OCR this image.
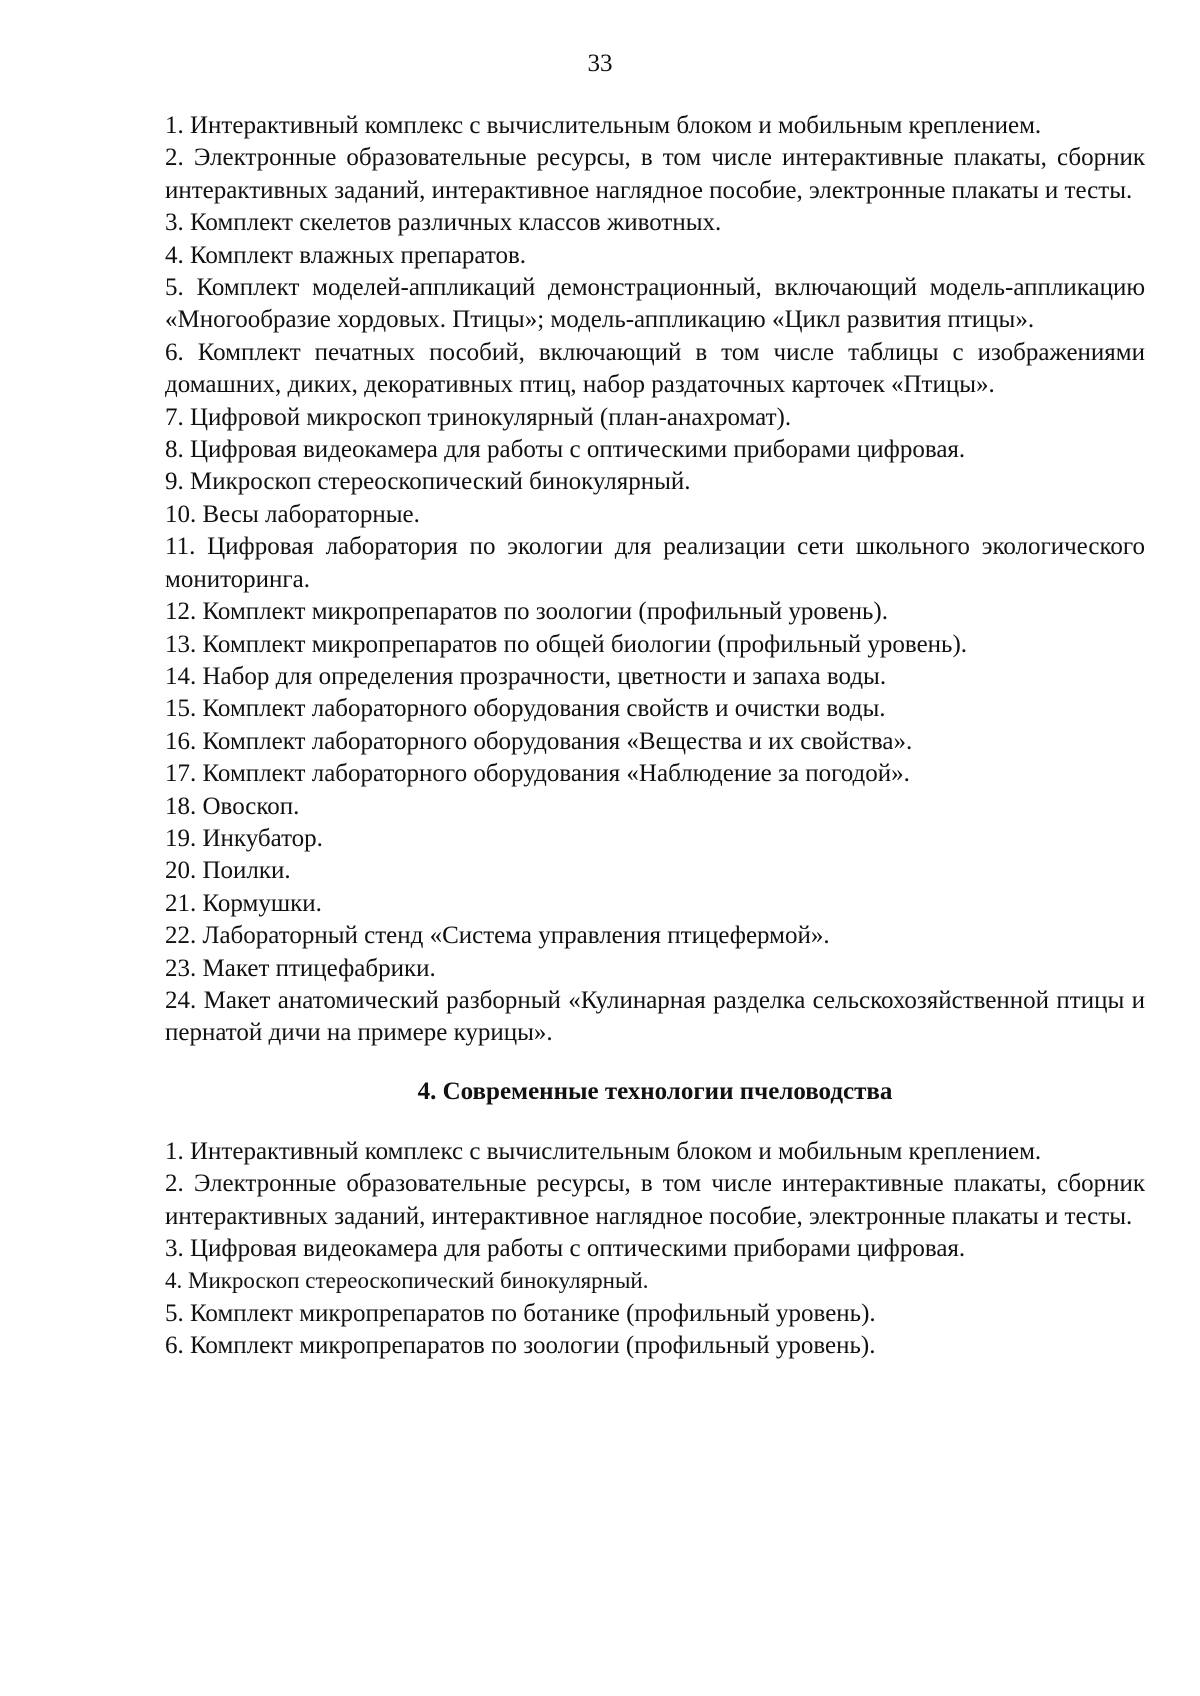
33

1. Интерактивный комплекс с вычислительным блоком и мобильным креплением.

2. Электронные образовательные ресурсы, в том числе интерактивные плакаты, сборник интерактивных заданий, интерактивное наглядное пособие, электронные плакаты и тесты.

3. Комплект скелетов различных классов животных.

4. Комплект влажных препаратов.

5. Комплект моделей-аппликаций демонстрационный, включающий модель-аппликацию «Многообразие хордовых. Птицы»; модель-аппликацию «Цикл развития птицы».

6. Комплект печатных пособий, включающий в том числе таблицы с изображениями домашних, диких, декоративных птиц, набор раздаточных карточек «Птицы».

7. Цифровой микроскоп тринокулярный (план-анахромат).

8. Цифровая видеокамера для работы с оптическими приборами цифровая.

9. Микроскоп стереоскопический бинокулярный.

10. Весы лабораторные.

11. Цифровая лаборатория по экологии для реализации сети школьного экологического мониторинга.

12. Комплект микропрепаратов по зоологии (профильный уровень).

13. Комплект микропрепаратов по общей биологии (профильный уровень).

14. Набор для определения прозрачности, цветности и запаха воды.

15. Комплект лабораторного оборудования свойств и очистки воды.

16. Комплект лабораторного оборудования «Вещества и их свойства».

17. Комплект лабораторного оборудования «Наблюдение за погодой».

18. Овоскоп.

19. Инкубатор.

20. Поилки.

21. Кормушки.

22. Лабораторный стенд «Система управления птицефермой».

23. Макет птицефабрики.

24. Макет анатомический разборный «Кулинарная разделка сельскохозяйственной птицы и пернатой дичи на примере курицы».

4. Современные технологии пчеловодства

1. Интерактивный комплекс с вычислительным блоком и мобильным креплением.

2. Электронные образовательные ресурсы, в том числе интерактивные плакаты, сборник интерактивных заданий, интерактивное наглядное пособие, электронные плакаты и тесты.

3. Цифровая видеокамера для работы с оптическими приборами цифровая.

4. Микроскоп стереоскопический бинокулярный.

5. Комплект микропрепаратов по ботанике (профильный уровень).

6. Комплект микропрепаратов по зоологии (профильный уровень).
